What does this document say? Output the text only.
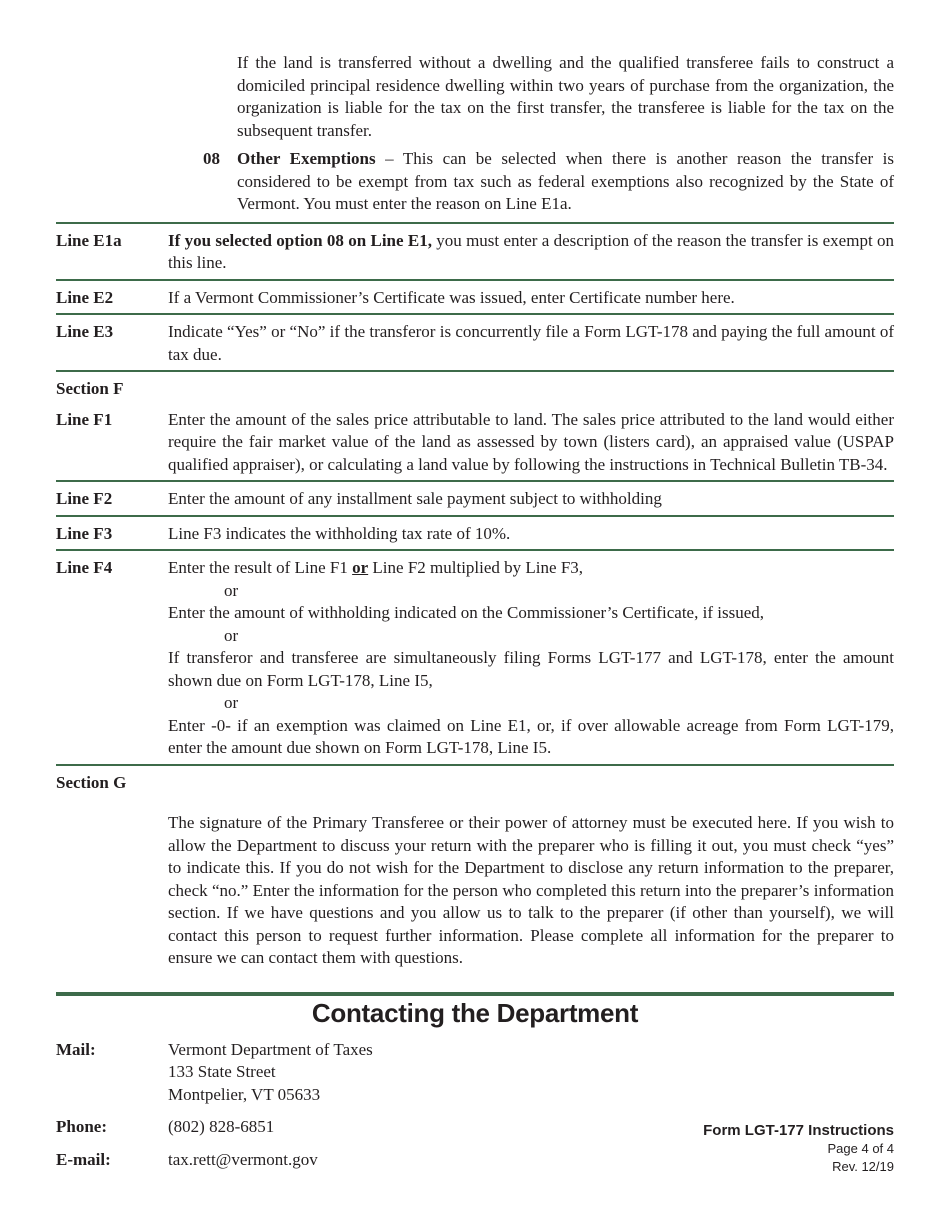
If the land is transferred without a dwelling and the qualified transferee fails to construct a domiciled principal residence dwelling within two years of purchase from the organization, the organization is liable for the tax on the first transfer, the transferee is liable for the tax on the subsequent transfer.

08	Other Exemptions – This can be selected when there is another reason the transfer is considered to be exempt from tax such as federal exemptions also recognized by the State of Vermont. You must enter the reason on Line E1a.

Line E1a	If you selected option 08 on Line E1, you must enter a description of the reason the transfer is exempt on this line.

Line E2	If a Vermont Commissioner’s Certificate was issued, enter Certificate number here.

Line E3	Indicate “Yes” or “No” if the transferor is concurrently file a Form LGT-178 and paying the full amount of tax due.

Section F
Line F1	Enter the amount of the sales price attributable to land. The sales price attributed to the land would either require the fair market value of the land as assessed by town (listers card), an appraised value (USPAP qualified appraiser), or calculating a land value by following the instructions in Technical Bulletin TB-34.

Line F2	Enter the amount of any installment sale payment subject to withholding

Line F3	Line F3 indicates the withholding tax rate of 10%.

Line F4	Enter the result of Line F1 or Line F2 multiplied by Line F3,

or

Enter the amount of withholding indicated on the Commissioner’s Certificate, if issued,

or

If transferor and transferee are simultaneously filing Forms LGT-177 and LGT-178, enter the amount shown due on Form LGT-178, Line I5,

or

Enter -0- if an exemption was claimed on Line E1, or, if over allowable acreage from Form LGT-179, enter the amount due shown on Form LGT-178, Line I5.

Section G

The signature of the Primary Transferee or their power of attorney must be executed here. If you wish to allow the Department to discuss your return with the preparer who is filling it out, you must check “yes” to indicate this. If you do not wish for the Department to disclose any return information to the preparer, check “no.” Enter the information for the person who completed this return into the preparer’s information section. If we have questions and you allow us to talk to the preparer (if other than yourself), we will contact this person to request further information. Please complete all information for the preparer to ensure we can contact them with questions.

Contacting the Department
Mail:	Vermont Department of Taxes
133 State Street
Montpelier, VT 05633
Phone:	(802) 828-6851
E-mail:	tax.rett@vermont.gov
Form LGT-177 Instructions
Page 4 of 4
Rev. 12/19
